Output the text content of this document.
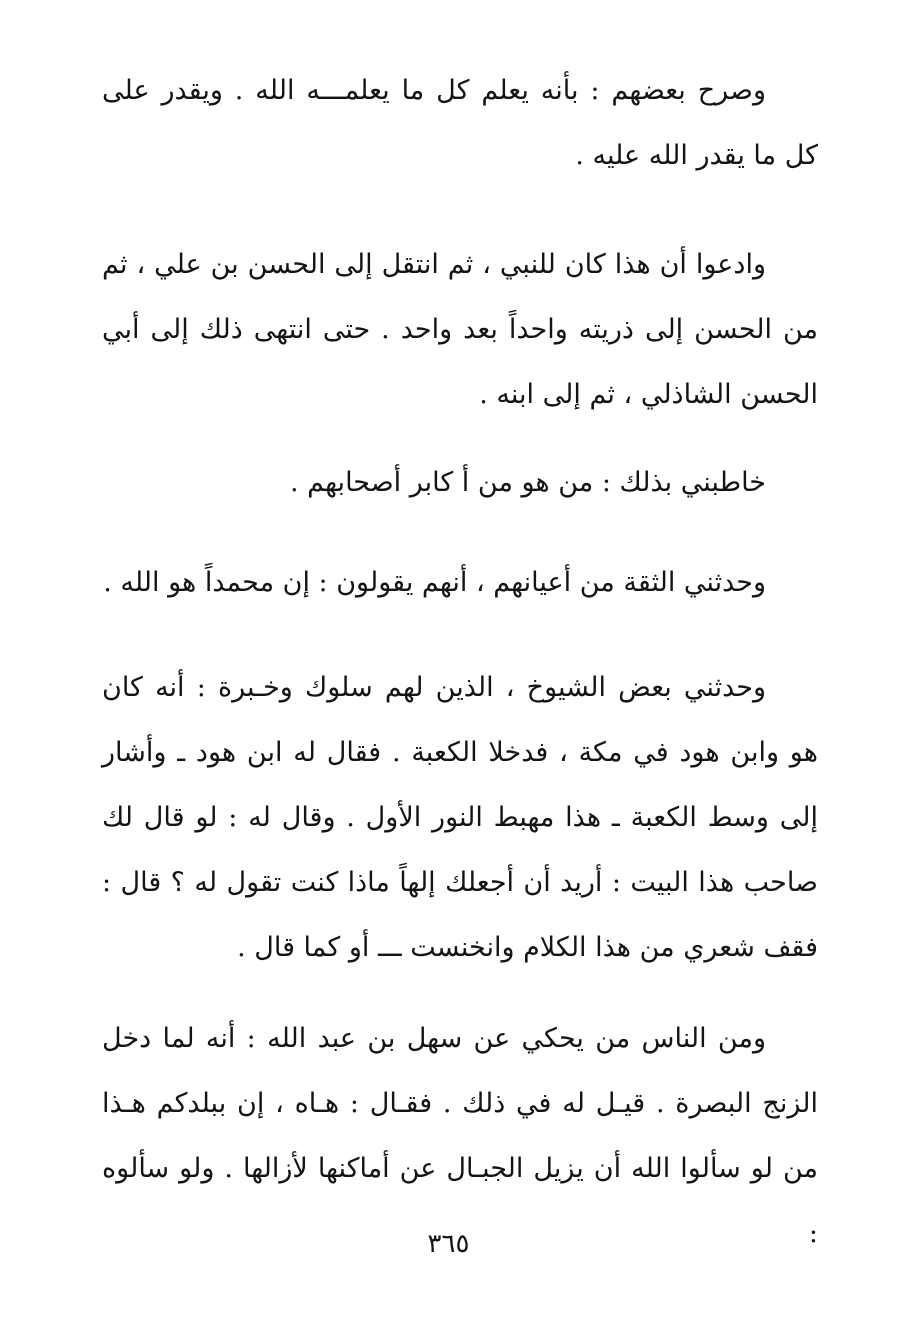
وصرح بعضهم : بأنه يعلم كل ما يعلمـــه الله . ويقدر على كل ما يقدر الله عليه .

وادعوا أن هذا كان للنبي ، ثم انتقل إلى الحسن بن علي ، ثم من الحسن إلى ذريته واحداً بعد واحد . حتى انتهى ذلك إلى أبي الحسن الشاذلي ، ثم إلى ابنه .

خاطبني بذلك : من هو من أ كابر أصحابهم .

وحدثني الثقة من أعيانهم ، أنهم يقولون : إن محمداً هو الله .

وحدثني بعض الشيوخ ، الذين لهم سلوك وخـبرة : أنه كان هو وابن هود في مكة ، فدخلا الكعبة . فقال له ابن هود ـ وأشار إلى وسط الكعبة ـ هذا مهبط النور الأول . وقال له : لو قال لك صاحب هذا البيت : أريد أن أجعلك إلهاً ماذا كنت تقول له ؟ قال : فقف شعري من هذا الكلام وانخنست ـــ أو كما قال .

ومن الناس من يحكي عن سهل بن عبد الله : أنه لما دخل الزنج البصرة . قيـل له في ذلك . فقـال : هـاه ، إن ببلدكم هـذا من لو سألوا الله أن يزيل الجبـال عن أماكنها لأزالها . ولو سألوه :

٣٦٥
